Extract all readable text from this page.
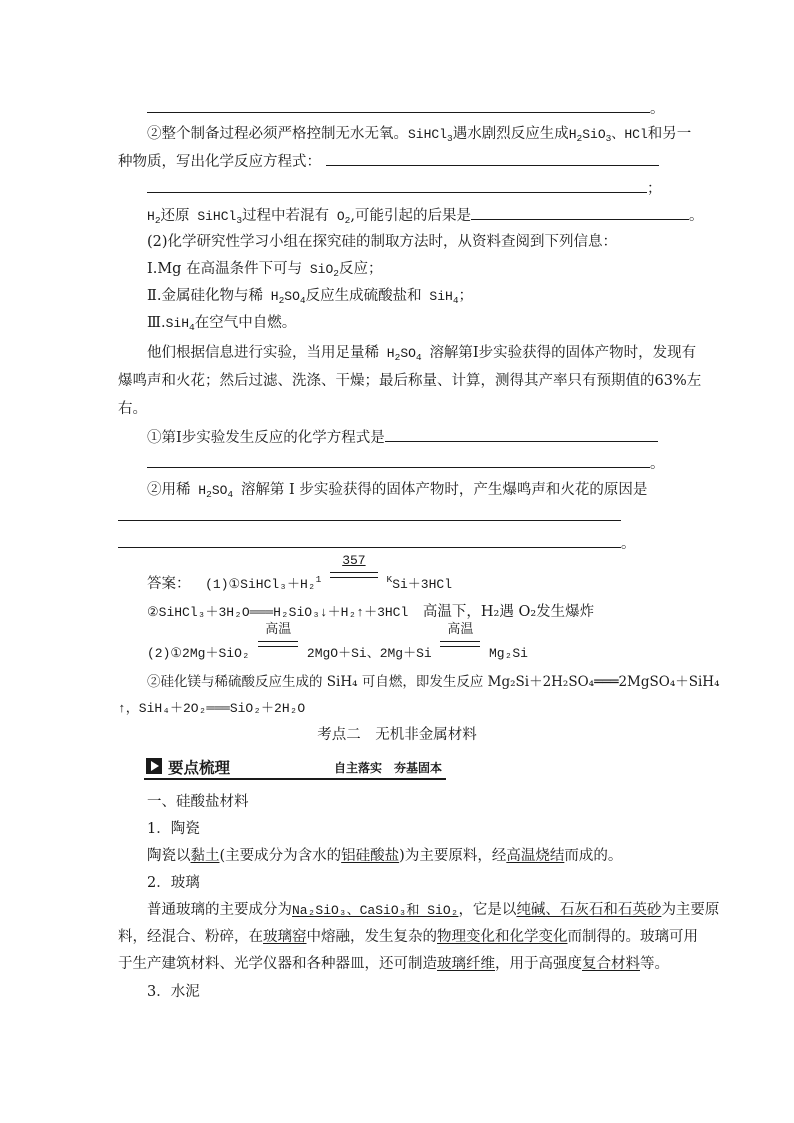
。
②整个制备过程必须严格控制无水无氧。SiHCl$_3$遇水剧烈反应生成$H_2SiO_3$、HCl和另一
种物质，写出化学反应方程式：
；
$H_2$还原 SiHCl$_3$过程中若混有 $O_2$,可能引起的后果是	。
(2)化学研究性学习小组在探究硅的制取方法时，从资料查阅到下列信息：
Ⅰ.Mg 在高温条件下可与 SiO$_2$反应；
Ⅱ.金属硅化物与稀 $H_2SO_4$反应生成硫酸盐和 SiH$_4$；
Ⅲ.SiH$_4$在空气中自燃。
他们根据信息进行实验，当用足量稀 $H_2SO_4$ 溶解第Ⅰ步实验获得的固体产物时，发现有
爆鸣声和火花；然后过滤、洗涤、干燥；最后称量、计算，测得其产率只有预期值的63%左
右。
①第Ⅰ步实验发生反应的化学方程式是
。
②用稀 $H_2SO_4$ 溶解第 Ⅰ 步实验获得的固体产物时，产生爆鸣声和火花的原因是
。
答案： (1)①SiHCl₃＋H₂$^1$
357
$^K$Si＋3HCl
②SiHCl₃＋3H₂O═══H₂SiO₃↓＋H₂↑＋3HCl 高温下，H₂遇 O₂发生爆炸
(2)①2Mg＋SiO₂
高温
2MgO＋Si、2Mg＋Si
高温
Mg₂Si
②硅化镁与稀硫酸反应生成的 SiH₄ 可自燃，即发生反应 Mg₂Si＋2H₂SO₄═══2MgSO₄＋SiH₄
↑，SiH₄＋2O₂═══SiO₂＋2H₂O
考点二　无机非金属材料
要点梳理	自主落实　夯基固本
一、硅酸盐材料
1．陶瓷
陶瓷以黏土(主要成分为含水的铝硅酸盐)为主要原料，经高温烧结而成的。
2．玻璃
普通玻璃的主要成分为Na₂SiO₃、CaSiO₃和 SiO₂，它是以纯碱、石灰石和石英砂为主要原
料，经混合、粉碎，在玻璃窑中熔融，发生复杂的物理变化和化学变化而制得的。玻璃可用
于生产建筑材料、光学仪器和各种器皿，还可制造玻璃纤维，用于高强度复合材料等。
3．水泥
